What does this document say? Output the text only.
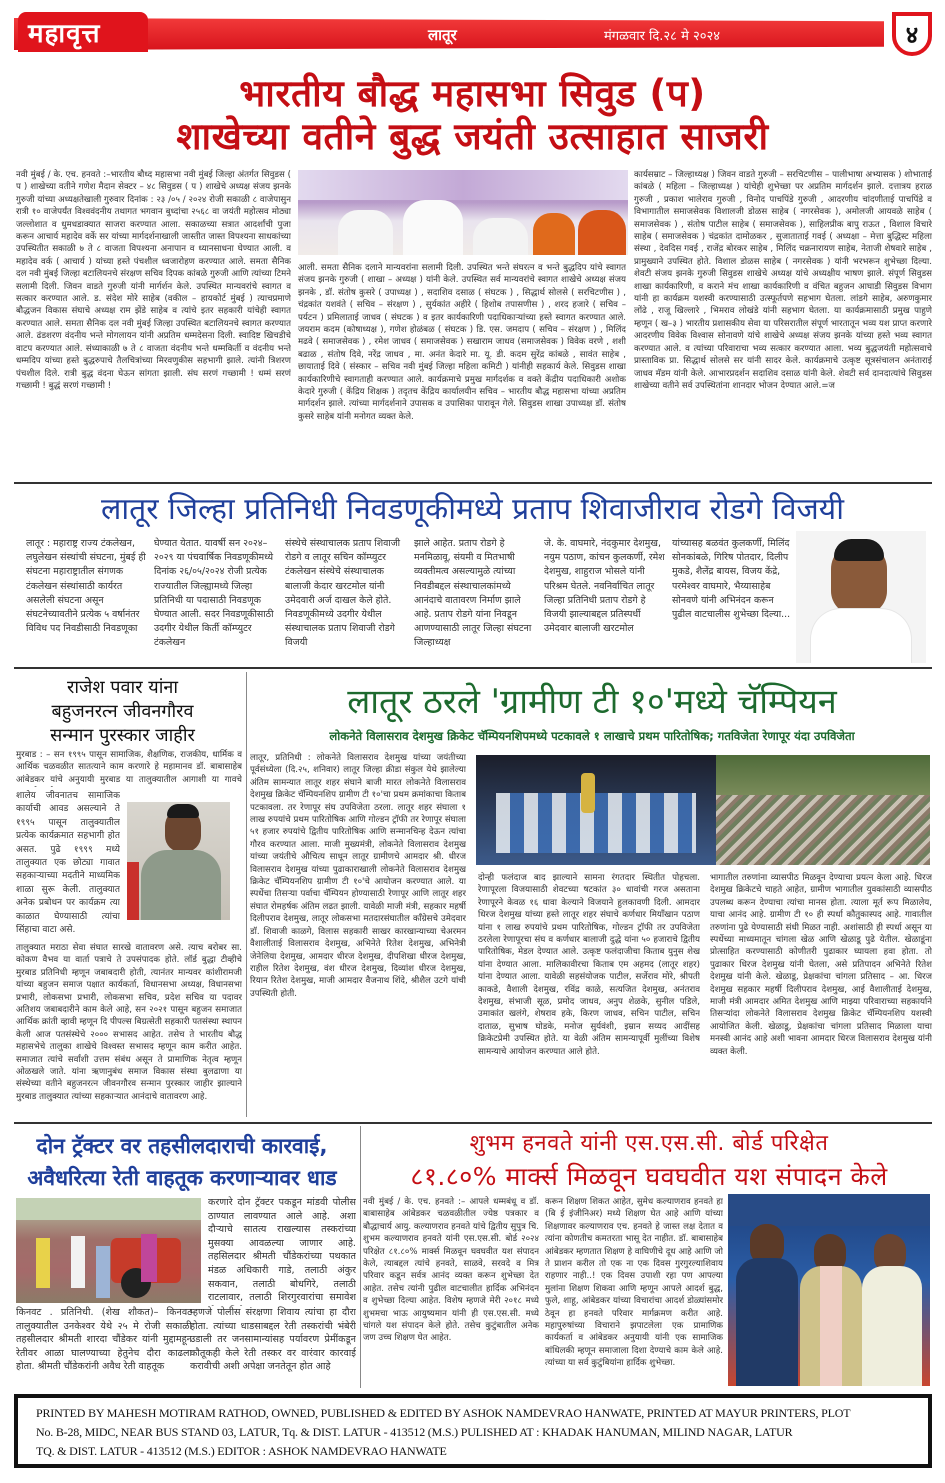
महावृत्त	लातूर	मंगळवार दि.२८ मे २०२४	४
भारतीय बौद्ध महासभा सिवुड (प)
शाखेच्या वतीने बुद्ध जयंती उत्साहात साजरी
नवी मुंबई / के. एच. हनवते :–भारतीय बौध्द महासभा नवी मुंबई जिल्हा अंतर्गत सिवुडस ( प ) शाखेच्या वतीने गणेश मैदान सेक्टर – ४८ सिवुडस ( प ) शाखेचे अध्यक्ष संजय झनके गुरुजी यांच्या अध्यक्षतेखाली गुरुवार दिनांक : २३ /०५ / २०२४ रोजी सकाळी ८ वाजेपासुन रात्री १० वाजेपर्यंत विश्ववंदनीय तथागत भगवान बुध्दांचा २५६८ वा जयंती महोत्सव मोठ्या जल्लोशात व धुमधडाक्यात साजरा करण्यात आला. सकाळच्या सत्रात आदर्शांची पुजा करून आचार्य महादेव वर्के सर यांच्या मार्गदर्शनाखाली जास्तीत जास्त विपश्यना साधकांच्या उपस्थितीत सकाळी ७ ते ८ वाजता विपश्यना अनापान व ध्यानसाधना घेण्यात आली. व महादेव वर्क ( आचार्य ) यांच्या हस्ते पंचशील ध्वजारोहण करण्यात आले. समता सैनिक दल नवी मुंबई जिल्हा बटालियनचे संरक्षण सचिव दिपक कांबळे गुरुजी आणि त्यांच्या टिमने सलामी दिली. जिवन वाडते गुरुजी यांनी मार्गर्शन केले. उपस्थित मान्यवरांचे स्वागत व सत्कार करण्यात आले. ड. संदेश मोरे साहेब (वकील – हायकोर्ट मुंबई ) त्याचप्रमाणे बौद्धजन विकास संघाचे अध्यक्ष राम झेंडे साहेब व त्यांचे इतर सहकारी यांचेही स्वागत करण्यात आले. समता सैनिक दल नवी मुंबई जिल्हा उपस्थित बटालियनचे स्वागत करण्यात आले. ढंडशरण वंदनीय भन्ते मोगलायन यांनी अप्रतिम धम्मदेसना दिली. स्वादिष्ट खिचडीचे वाटप करण्यात आले. संध्याकाळी ७ ते ८ वाजता वंदनीय भन्ते धम्मकिर्ती व वंदनीय भन्ते धम्मदिप यांच्या हस्ते बुद्धरुपाचे तैलचित्रांच्या मिरवणुकीस सहभागी झाले. त्यांनी त्रिशरण पंचशील दिले. रात्री बुद्ध वंदना घेऊन सांगता झाली. संघ सरणं गच्छामी ! धम्मं सरणं गच्छामी ! बुद्धं सरणं गच्छामी !
आली. समता सैनिक दलाने मान्यवरांना सलामी दिली. उपस्थित भन्ते संघरत्न व भन्ते बुद्धदिप यांचे स्वागत संजय झनके गुरुजी ( शाखा – अध्यक्ष ) यांनी केले. उपस्थित सर्व मान्यवरांचे स्वागत शाखेचे अध्यक्ष संजय झनके , डॉ. संतोष कुसरे ( उपाध्यक्ष ) , सदाशिव दसाळ ( संघटक ) , सिद्धार्थ सोलसे ( सरचिटणीस ) , चंद्रकांत यशवंते ( सचिव – संरक्षण ) , सुर्यकांत अहीरे ( हिशोब तपासणीस ) , शरद हजारे ( सचिव – पर्यटन ) प्रमिलाताई जाधव ( संघटक ) व इतर कार्यकारिणी पदाधिकाऱ्यांच्या हस्ते स्वागत करण्यात आले. जयराम कदम (कोषाध्यक्ष ), गणेश होळंबळ ( संघटक ) डि. एस. जमदाप ( सचिव – संरक्षण ) , मिलिंद मढवे ( समाजसेवक ) , रमेश जाधव ( समाजसेवक ) सखाराम जाधव (समाजसेवक ) विवेक वरणे , शशी बढाळ , संतोष दिवे, नरेंद्र जाधव , मा. अनंत केदारे मा. यू. डी. कदम सुरेंद्र कांबळे , सावंत साहेब , छायाताई दिवे ( संस्कार – सचिव नवी मुंबई जिल्हा महिला कमिटी ) यांनीही सहकार्य केले. सिवुडस शाखा कार्यकारिणीचे स्वागताही करण्यात आले. कार्यक्रमाचे प्रमुख मार्गदर्शक व वक्ते केंद्रीय पदाधिकारी अशोक केदारे गुरुजी ( केंद्रिय शिक्षक ) तदृतच केंद्रिय कार्यालयीन सचिव – भारतीय बौद्ध महासभा यांच्या अप्रतिम मार्गदर्शन झाले. त्यांच्या मार्गदर्शनाने उपासक व उपासिका पारावून गेले. सिवुडस शाखा उपाध्यक्ष डॉ. संतोष कुसरे साहेब यांनी मनोगत व्यक्त केले.
कार्यसम्राट – जिल्हाध्यक्ष ) जिवन वाडते गुरुजी – सरचिटणीस – पालीभाषा अभ्यासक ) शोभाताई कांबळे ( महिला – जिल्हाध्यक्ष ) यांचेही शुभेच्छा पर अप्रतिम मार्गदर्शन झाले. दत्तात्रय हराळ गुरुजी , प्रकाश भालेराव गुरुजी , विनोद पाचपिंडे गुरुजी , आदरणीय चांदणीताई पाचपिंडे व विभागातील समाजसेवक विशालजी डोळस साहेब ( नगरसेवक ), अमोलजी आयवळे साहेब ( समाजसेवक ) , संतोष पाटील साहेब ( समाजसेवक ), साहिलप्रीक बापु राऊत , विशाल विचारे साहेब ( समाजसेवक ) चंद्रकांत दामोळकर , सुजाताताई गवई ( अध्यक्षा – मेत्ता बुद्धिस्ट महिला संस्था , देवदिस गवई , राजेंद्र बोरकर साहेब , मिलिंद चक्रनारायण साहेब, नेताजी शेषवारे साहेब , प्रामुख्याने उपस्थित होते. विशाल डोळस साहेब ( नगरसेवक ) यांनी भरभरून शुभेच्छा दिल्या. शेवटी संजय झनके गुरुजी सिवुडस शाखेचे अध्यक्ष यांचे अध्यक्षीय भाषण झाले. संपूर्ण सिवुडस शाखा कार्यकारिणी, व कराने मंच शाखा कार्यकारिणी व वंचित बहुजन आघाडी सिवुडस विभाग यांनी हा कार्यक्रम यशस्वी करण्यासाठी उत्स्फूर्तपणे सहभाग घेतला. लांडगे साहेब, अरुणकुमार लोंढे , राजू खिल्लारे , भिमराव लोखंडे यांनी सहभाग घेतला. या कार्यक्रमासाठी प्रमुख पाहुणे म्हणून ( ख–३ ) भारतीय प्रशासकीय सेवा या परिसरातील संपूर्ण भारतातून भव्य यश प्राप्त करणारे आदरणीय विवेक विश्वास सोनावणे यांचे शाखेचे अध्यक्ष संजय झनके यांच्या हस्ते भव्य स्वागत करण्यात आले. व त्यांच्या परिवाराचा भव्य सत्कार करण्यात आला. भव्य बुद्धजयंती महोत्सवाचे प्रास्ताविक प्रा. सिद्धार्थ सोलसे सर यांनी सादर केले. कार्यक्रमाचे उत्कृष्ट सूत्रसंचालन अनंताराई जाधव मॅडम यांनी केले. आभारप्रदर्शन सदाशिव दसाळ यांनी केले. शेवटी सर्व दानदात्यांचे सिवुडस शाखेच्या वतीने सर्व उपस्थितांना शानदार भोजन देण्यात आले.=ज
लातूर जिल्हा प्रतिनिधी निवडणूकीमध्ये प्रताप शिवाजीराव रोडगे विजयी
लातूर : महाराष्ट्र राज्य टंकलेखन, लघुलेखन संस्थांची संघटना, मुंबई ही संघटना महाराष्ट्रातील संगणक टंकलेखन संस्थांसाठी कार्यरत असलेली संघटना असून संघटनेच्यावतीने प्रत्येक ५ वर्षानंतर विविध पद निवडीसाठी निवडणूका
घेण्यात येतात. यावर्षी सन २०२४–२०२९ या पंचवार्षिक निवडणूकीमध्ये दिनांक २६/०५/२०२४ रोजी प्रत्येक राज्यातील जिल्ह्यामध्ये जिल्हा प्रतिनिधी या पदासाठी निवडणूक घेण्यात आली. सदर निवडणूकीसाठी उदगीर येथील किर्ती कॉम्प्युटर टंकलेखन
संस्थेचे संस्थाचालक प्रताप शिवाजी रोडगे व लातूर सचिन कॉम्प्युटर टंकलेखन संस्थेचे संस्थाचालक बालाजी केदार खरटमोल यांनी उमेदवारी अर्ज दाखल केले होते. निवडणूकीमध्ये उदगीर येथील संस्थाचालक प्रताप शिवाजी रोडगे विजयी
झाले आहेत. प्रताप रोडगे हे मनमिळावू, संयमी व मितभाषी व्यक्तीमत्व असल्यामुळे त्यांच्या निवडीबद्दल संस्थाचालकांमध्ये आनंदाचे वातावरण निर्माण झाले आहे. प्रताप रोडगे यांना निवडून आणण्यासाठी लातूर जिल्हा संघटना जिल्हाध्यक्ष
जे. के. वाघमारे, नंदकुमार देशमुख, नयुम पठाण, कांचन कुलकर्णी, रमेश देशमुख, शाहुराज भोसले यांनी परिश्रम घेतले. नवनिर्वाचित लातूर जिल्हा प्रतिनिधी प्रताप रोडगे हे विजयी झाल्याबद्दल प्रतिस्पर्धी उमेदवार बालाजी खरटमोल
यांच्यासह बळवंत कुलकर्णी, मिलिंद सोनकांबळे, गिरिष पोतदार, दिलीप मुकडे, शैलेंद्र बायस, विजय केंद्रे, परमेश्वर वाघमारे, भैय्यासाहेब सोनवणे यांनी अभिनंदन करून पुढील वाटचालीस शुभेच्छा दिल्या...
राजेश पवार यांना
बहुजनरत्न जीवनगौरव
सन्मान पुरस्कार जाहीर
मुरबाड : – सन १९९५ पासून सामाजिक, शैक्षणिक, राजकीय, धार्मिक व आर्थिक चळवळीत सातत्याने काम करणारे हे महामानव डॉ. बाबासाहेब आंबेडकर यांचे अनुयायी मुरबाड या तालुक्यातील आगाशी या गावचे
शालेय जीवनातच सामाजिक कार्याची आवड असल्याने ते १९९५ पासून तालुक्यातील प्रत्येक कार्यक्रमात सहभागी होत असत. पुढे १९९९ मध्ये तालुक्यात एक छोट्या गावात सहकाऱ्याच्या मदतीने माध्यमिक शाळा सुरू केली. तालुक्यात अनेक प्रबोधन पर कार्यक्रम त्या काळात घेण्यासाठी त्यांचा सिंहाचा वाटा असे.
तालुक्यात मराठा सेवा संघात सारखे वातावरण असे. त्याच बरोबर सा. कोकण वैभव या वार्ता पत्राचे ते उपसंपादक होते. लॉर्ड बुद्धा टीव्हीचे मुरबाड प्रतिनिधी म्हणून जबाबदारी होती, त्यानंतर मान्यवर कांशीरामजी यांच्या बहुजन समाज पक्षात कार्यकर्ता, विधानसभा अध्यक्ष, विधानसभा प्रभारी, लोकसभा प्रभारी, लोकसभा सचिव, प्रदेश सचिव या पदावर अतिशय जबाबदारीने काम केले आहे, सन २०२१ पासून बहुजन समाजात आर्थिक क्रांती व्हावी म्हणून दि पीपल्स बिग्रत्सेती सहकारी पतसंस्था स्थापन केली आज पतसंस्थेचे २००० सभासद आहेत. तसेच ते भारतीय बौद्ध महासभेचे तालुका शाखेचे विश्वस्त सभासद म्हणून काम करीत आहेत. समाजात त्यांचे सर्वांशी उत्तम संबंध असून ते प्रामाणिक नेतृत्व म्हणून ओळखले जाते. यांना ऋणानुबंध समाज विकास संस्था बुलढाणा या संस्थेच्या वतीने बहुजनरत्न जीवनगौरव सन्मान पुरस्कार जाहीर झाल्याने मुरबाड तालुक्यात त्यांच्या सहकाऱ्यात आनंदाचे वातावरण आहे.
लातूर ठरले 'ग्रामीण टी १०'मध्ये चॅम्पियन
लोकनेते विलासराव देशमुख क्रिकेट चॅम्पियनशिपमध्ये पटकावले १ लाखाचे प्रथम पारितोषिक; गतविजेता रेणापूर यंदा उपविजेता
लातूर, प्रतिनिधी : लोकनेते विलासराव देशमुख यांच्या जयंतीच्या पूर्वसंध्येला (दि.२५, शनिवार) लातूर जिल्हा क्रीडा संकुल येथे झालेल्या अंतिम सामन्यात लातूर शहर संघाने बाजी मारत लोकनेते विलासराव देशमुख क्रिकेट चॅम्पियनशिप ग्रामीण टी १०'चा प्रथम क्रमांकाचा किताब पटकावला. तर रेणापूर संघ उपविजेता ठरला. लातूर शहर संघाला १ लाख रुपयांचे प्रथम पारितोषिक आणि गोल्डन ट्रॉफी तर रेणापूर संघाला ५१ हजार रुपयांचे द्वितीय पारितोषिक आणि सन्मानचिन्ह देऊन त्यांचा गौरव करण्यात आला. माजी मुख्यमंत्री, लोकनेते विलासराव देशमुख यांच्या जयंतीचे औचित्य साधून लातूर ग्रामीणचे आमदार श्री. धीरज विलासराव देशमुख यांच्या पुढाकाराखाली लोकनेते विलासराव देशमुख क्रिकेट चॅम्पियनशिप ग्रामीण टी १०'चे आयोजन करण्यात आले. या स्पर्धेचा तिसऱ्या पर्वाचा चॅम्पियन होण्यासाठी रेणापूर आणि लातूर शहर संघात रोमहर्षक अंतिम लढत झाली. यावेळी माजी मंत्री, सहकार महर्षी दिलीपराव देशमुख, लातूर लोकसभा मतदारसंघातील काँग्रेसचे उमेदवार डॉ. शिवाजी काळगे, विलास सहकारी साखर कारखान्याच्या चेअरमन वैशालीताई विलासराव देशमुख, अभिनेते रितेश देशमुख, अभिनेत्री जेनेलिया देशमुख, आमदार धीरज देशमुख, दीपशिखा धीरज देशमुख, राहील रितेश देशमुख, वंश धीरज देशमुख, दिव्यांश धीरज देशमुख, रियान रितेश देशमुख, माजी आमदार वैजनाथ शिंदे, श्रीशैल उटगे यांची उपस्थिती होती.
दोन्ही फलंदाज बाद झाल्याने सामना रंगतदार स्थितीत पोहचला. रेणापूरला विजयासाठी शेवटच्या षटकांत ३० धावांची गरज असताना रेणापूरने केवळ १६ धावा केल्याने विजयाने हुलकावणी दिली. आमदार धिरज देशमुख यांच्या हस्ते लातूर शहर संघाचे कर्णधार मियाँखान पठाण यांना १ लाख रुपयांचे प्रथम पारितोषिक, गोल्डन ट्रॉफी तर उपविजेता ठरलेला रेणापूरचा संघ व कर्णधार बालाजी दुद्धे यांना ५० हजाराचे द्वितीय पारितोषिक, मेडल देण्यात आले. उत्कृष्ट फलंदाजीचा किताब युनुस शेख यांना देण्यात आला. मालिकावीरचा किताब एम अहमद (लातूर शहर) यांना देण्यात आला. यावेळी सहसंयोजक पाटील, सर्जेराव मोरे, श्रीपती काकडे, वैशाली देशमुख, रविंद्र काळे, सत्यजित देशमुख, अनंतराव देशमुख, संभाजी सूळ, प्रमोद जाधव, अनुप शेळके, सुनील पडिले, उमाकांत खलंगे, शेषराव हके, किरण जाधव, सचिन पाटील, सचिन दाताळ, सुभाष घोडके, मनोज सुर्यवंशी, इम्रान सय्यद आदींसह क्रिकेटप्रेमी उपस्थित होते. या वेळी अंतिम सामन्यापूर्वी मुलींच्या विशेष सामन्याचे आयोजन करण्यात आले होते.
भागातील तरुणांना व्यासपीठ मिळवून देण्याचा प्रयत्न केला आहे. धिरज देशमुख क्रिकेटचे चाहते आहेत, ग्रामीण भागातील युवकांसाठी व्यासपीठ उपलब्ध करून देण्याचा त्यांचा मानस होता. त्याला मूर्त रूप मिळालेय, याचा आनंद आहे. ग्रामीण टी १० ही स्पर्धा कौतुकास्पद आहे. गावातील तरुणांना पुढे येण्यासाठी संधी मिळत नाही. अशांसाठी ही स्पर्धा असून या स्पर्धेच्या माध्यमातून चांगला खेळ आणि खेळाडू पुढे येतील. खेळाडूंना प्रोत्साहित करण्यासाठी कोणीतरी पुढाकार घ्यायला हवा होता. तो पुढाकार धिरज देशमुख यांनी घेतला, असे प्रतिपादन अभिनेते रितेश देशमुख यांनी केले. खेळाडू, प्रेक्षकांचा चांगला प्रतिसाद – आ. धिरज देशमुख सहकार महर्षी दिलीपराव देशमुख, आई वैशालीताई देशमुख, माजी मंत्री आमदार अमित देशमुख आणि माझ्या परिवाराच्या सहकार्याने तिसऱ्यांदा लोकनेते विलासराव देशमुख क्रिकेट चॅम्पियनशिप यशस्वी आयोजित केली. खेळाडू, प्रेक्षकांचा चांगला प्रतिसाद मिळाला याचा मनस्वी आनंद आहे अशी भावना आमदार धिरज विलासराव देशमुख यांनी व्यक्त केली.
दोन ट्रॅक्टर वर तहसीलदाराची कारवाई,
अवैधरित्या रेती वाहतूक करणाऱ्यावर धाड
करणारे दोन ट्रॅक्टर पकडून मांडवी पोलीस ठाण्यात लावण्यात आले आहे. अशा दौऱ्याचे सातत्य राखल्यास तस्करांच्या मुसक्या आवळल्या जाणार आहे. तहसिलदार श्रीमती चौंडेकरांच्या पथकात मंडळ अधिकारी गाडे, तलाठी अंकुर सकवान, तलाठी बोधगिरे, तलाठी राटलावार, तलाठी शिरगुरवारांचा समावेश
किनवट . प्रतिनिधी. (शेख शौकत)– किनवट तालुक्यातील उनकेश्वर येथे २५ मे रोजी सकाळी तहसीलदार श्रीमती शारदा चौंडेकर यांनी मुद्दामहून रेतीवर आळा घालण्याच्या हेतुनेच दौरा काढला होता. श्रीमती चौंडेकरांनी अवैध रेती वाहतूक
म्हणजे पोलीस संरक्षणा शिवाय त्यांचा हा दौरा होता. त्यांच्या धाडसाबद्दल रेती तस्करांची भंबेरी उडाली तर जनसामान्यांसह पर्यावरण प्रेमींकडून कौतूकही केले रेती तस्कर वर वारंवार कारवाई करावीची अशी अपेक्षा जनतेतून होत आहे
शुभम हनवते यांनी एस.एस.सी. बोर्ड परिक्षेत
८१.८०% मार्क्स मिळवून घवघवीत यश संपादन केले
नवी मुंबई / के. एच. हनवते :– आपले धम्मबंधू व डॉ. बाबासाहेब आंबेडकर चळवळीतील ज्येष्ठ पत्रकार व बौद्धाचार्य आयु. कल्याणराव हनवते यांचे द्वितीय सुपुत्र चि. शुभम कल्याणराव हनवते यांनी एस.एस.सी. बोर्ड २०२४ परिक्षेत ८१.८०% मार्क्स मिळवून घवघवीत यश संपादन केले, त्याबद्दल त्यांचे हनवते, साळवे, सरवदे व मित्र परिवार कडून सर्वत्र आनंद व्यक्त करून शुभेच्छा देत आहेत. तसेच त्यांनी पुढील वाटचालीत हार्दिक अभिनंदन व शुभेच्छा दिल्या आहेत. विशेष म्हणजे मेरी २०१८ मध्ये शुभमचा भाऊ आयुष्यमान यांनी ही एस.एस.सी. मध्ये चांगले यश संपादन केले होते. तसेच कुटुंबातील अनेक जण उच्च शिक्षण घेत आहेत.
करून शिक्षण शिकत आहेत, सुमेध कल्याणराव हनवते हा (बि ई इंजीनिअर) मध्ये शिक्षण घेत आहे आणि यांच्या शिक्षणावर कल्याणराव एच. हनवते हे जास्त लक्ष देतात व त्यांना कोणतीच कमतरता भासू देत नाहीत. डॉ. बाबासाहेब आंबेडकर म्हणतात शिक्षण हे वाघिणीचे दूध आहे आणि जो ते प्राशन करील तो एक ना एक दिवस गुरगुरल्याशिवाय राहणार नाही..! एक दिवस उपाशी रहा पण आपल्या मुलांना शिक्षण शिकवा आणि म्हणून आपले आदर्श बुद्ध, फुले, शाहू, आंबेडकर यांच्या विचारांचा आदर्श डोळ्यांसमोर ठेवून हा हनवते परिवार मार्गक्रमण करीत आहे. महापुरुषांच्या विचाराने झपाटलेला एक प्रामाणिक कार्यकर्ता व आंबेडकर अनुयायी यांनी एक सामाजिक बांधिलकी म्हणून समाजाला दिशा देण्याचे काम केले आहे. त्यांच्या या सर्व कुटुंबियांना हार्दिक शुभेच्छा.
PRINTED BY MAHESH MOTIRAM RATHOD, OWNED, PUBLISHED & EDITED BY ASHOK NAMDEVRAO HANWATE, PRINTED AT MAYUR PRINTERS, PLOT
No. B-28, MIDC, NEAR BUS STAND 03, LATUR, Tq. & DIST. LATUR - 413512 (M.S.) PULISHED AT : KHADAK HANUMAN, MILIND NAGAR, LATUR
TQ. & DIST. LATUR - 413512 (M.S.) EDITOR : ASHOK NAMDEVRAO HANWATE
